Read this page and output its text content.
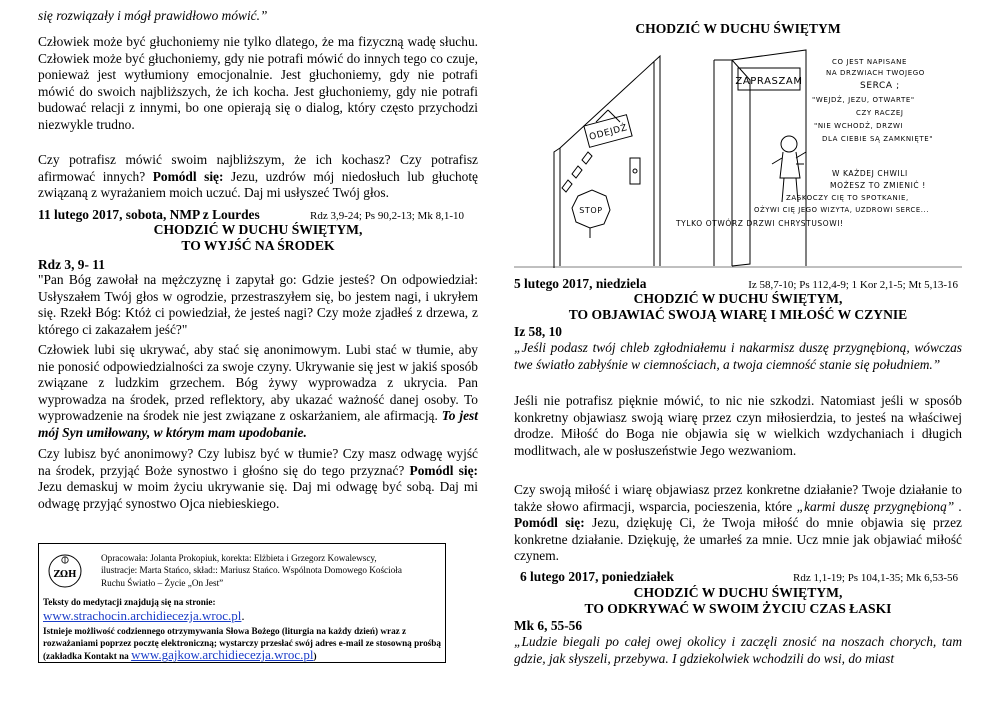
się rozwiązały i mógł prawidłowo mówić.”

Człowiek może być głuchoniemy nie tylko dlatego, że ma fizyczną wadę słuchu. Człowiek może być głuchoniemy, gdy nie potrafi mówić do innych tego co czuje, ponieważ jest wytłumiony emocjonalnie. Jest głuchoniemy, gdy nie potrafi mówić do swoich najbliższych, że ich kocha. Jest głuchoniemy, gdy nie potrafi budować relacji z innymi, bo one opierają się o dialog, który często przychodzi niezwykle trudno.

Czy potrafisz mówić swoim najbliższym, że ich kochasz? Czy potrafisz afirmować innych? Pomódl się: Jezu, uzdrów mój niedosłuch lub głuchotę związaną z wyrażaniem moich uczuć. Daj mi usłyszeć Twój głos.

11 lutego 2017, sobota, NMP z Lourdes	Rdz 3,9-24; Ps 90,2-13; Mk 8,1-10
CHODZIĆ W DUCHU ŚWIĘTYM,
TO WYJŚĆ NA ŚRODEK
Rdz 3, 9- 11

"Pan Bóg zawołał na mężczyznę i zapytał go: Gdzie jesteś? On odpowiedział: Usłyszałem Twój głos w ogrodzie, przestraszyłem się, bo jestem nagi, i ukryłem się. Rzekł Bóg: Któż ci powiedział, że jesteś nagi? Czy może zjadłeś z drzewa, z którego ci zakazałem jeść?"

Człowiek lubi się ukrywać, aby stać się anonimowym. Lubi stać w tłumie, aby nie ponosić odpowiedzialności za swoje czyny. Ukrywanie się jest w jakiś sposób związane z ludzkim grzechem. Bóg żywy wyprowadza z ukrycia. Pan wyprowadza na środek, przed reflektory, aby ukazać ważność danej osoby. To wyprowadzenie na środek nie jest związane z oskarżaniem, ale afirmacją. To jest mój Syn umiłowany, w którym mam upodobanie.

Czy lubisz być anonimowy? Czy lubisz być w tłumie? Czy masz odwagę wyjść na środek, przyjąć Boże synostwo i głośno się do tego przyznać? Pomódl się: Jezu demaskuj w moim życiu ukrywanie się. Daj mi odwagę być sobą. Daj mi odwagę przyjąć synostwo Ojca niebieskiego.

ZΩH

Opracowała: Jolanta Prokopiuk, korekta: Elżbieta i Grzegorz Kowalewscy,

ilustracje: Marta Stańco, skład:: Mariusz Stańco. Wspólnota Domowego Kościoła

Ruchu Światło – Życie „On Jest”

Teksty do medytacji znajdują się na stronie:

www.strachocin.archidiecezja.wroc.pl.

Istnieje możliwość codziennego otrzymywania Słowa Bożego (liturgia na każdy dzień) wraz z rozważaniami poprzez pocztę elektroniczną; wystarczy przesłać swój adres e-mail ze stosowną prośbą (zakładka Kontakt na www.gajkow.archidiecezja.wroc.pl)

CHODZIĆ W DUCHU ŚWIĘTYM
ODEJDŹ
STOP
ZAPRASZAM
CO JEST NAPISANE
NA DRZWIACH TWOJEGO
SERCA ;
"WEJDŹ, JEZU, OTWARTE"
CZY RACZEJ
"NIE WCHODŹ, DRZWI
DLA CIEBIE SĄ ZAMKNIĘTE"
W KAŻDEJ CHWILI
MOŻESZ TO ZMIENIĆ !
ZASKOCZY CIĘ TO SPOTKANIE,
OŻYWI CIĘ JEGO WIZYTA, UZDROWI SERCE...
TYLKO OTWÓRZ DRZWI CHRYSTUSOWI!
5 lutego 2017, niedziela	Iz 58,7-10; Ps 112,4-9; 1 Kor 2,1-5; Mt 5,13-16
CHODZIĆ W DUCHU ŚWIĘTYM,
TO OBJAWIAĆ SWOJĄ WIARĘ I MIŁOŚĆ W CZYNIE
Iz 58, 10

„Jeśli podasz twój chleb zgłodniałemu i nakarmisz duszę przygnębioną, wówczas twe światło zabłyśnie w ciemnościach, a twoja ciemność stanie się południem.”

Jeśli nie potrafisz pięknie mówić, to nic nie szkodzi. Natomiast jeśli w sposób konkretny objawiasz swoją wiarę przez czyn miłosierdzia, to jesteś na właściwej drodze. Miłość do Boga nie objawia się w wielkich wzdychaniach i długich modlitwach, ale w posłuszeństwie Jego wezwaniom.

Czy swoją miłość i wiarę objawiasz przez konkretne działanie? Twoje działanie to także słowo afirmacji, wsparcia, pocieszenia, które „karmi duszę przygnębioną” . Pomódl się: Jezu, dziękuję Ci, że Twoja miłość do mnie objawia się przez konkretne działanie. Dziękuję, że umarłeś za mnie. Ucz mnie jak objawiać miłość czynem.

6 lutego 2017, poniedziałek	Rdz 1,1-19; Ps 104,1-35; Mk 6,53-56
CHODZIĆ W DUCHU ŚWIĘTYM,
TO ODKRYWAĆ W SWOIM ŻYCIU CZAS ŁASKI
Mk 6, 55-56

„Ludzie biegali po całej owej okolicy i zaczęli znosić na noszach chorych, tam gdzie, jak słyszeli, przebywa. I gdziekolwiek wchodzili do wsi, do miast
